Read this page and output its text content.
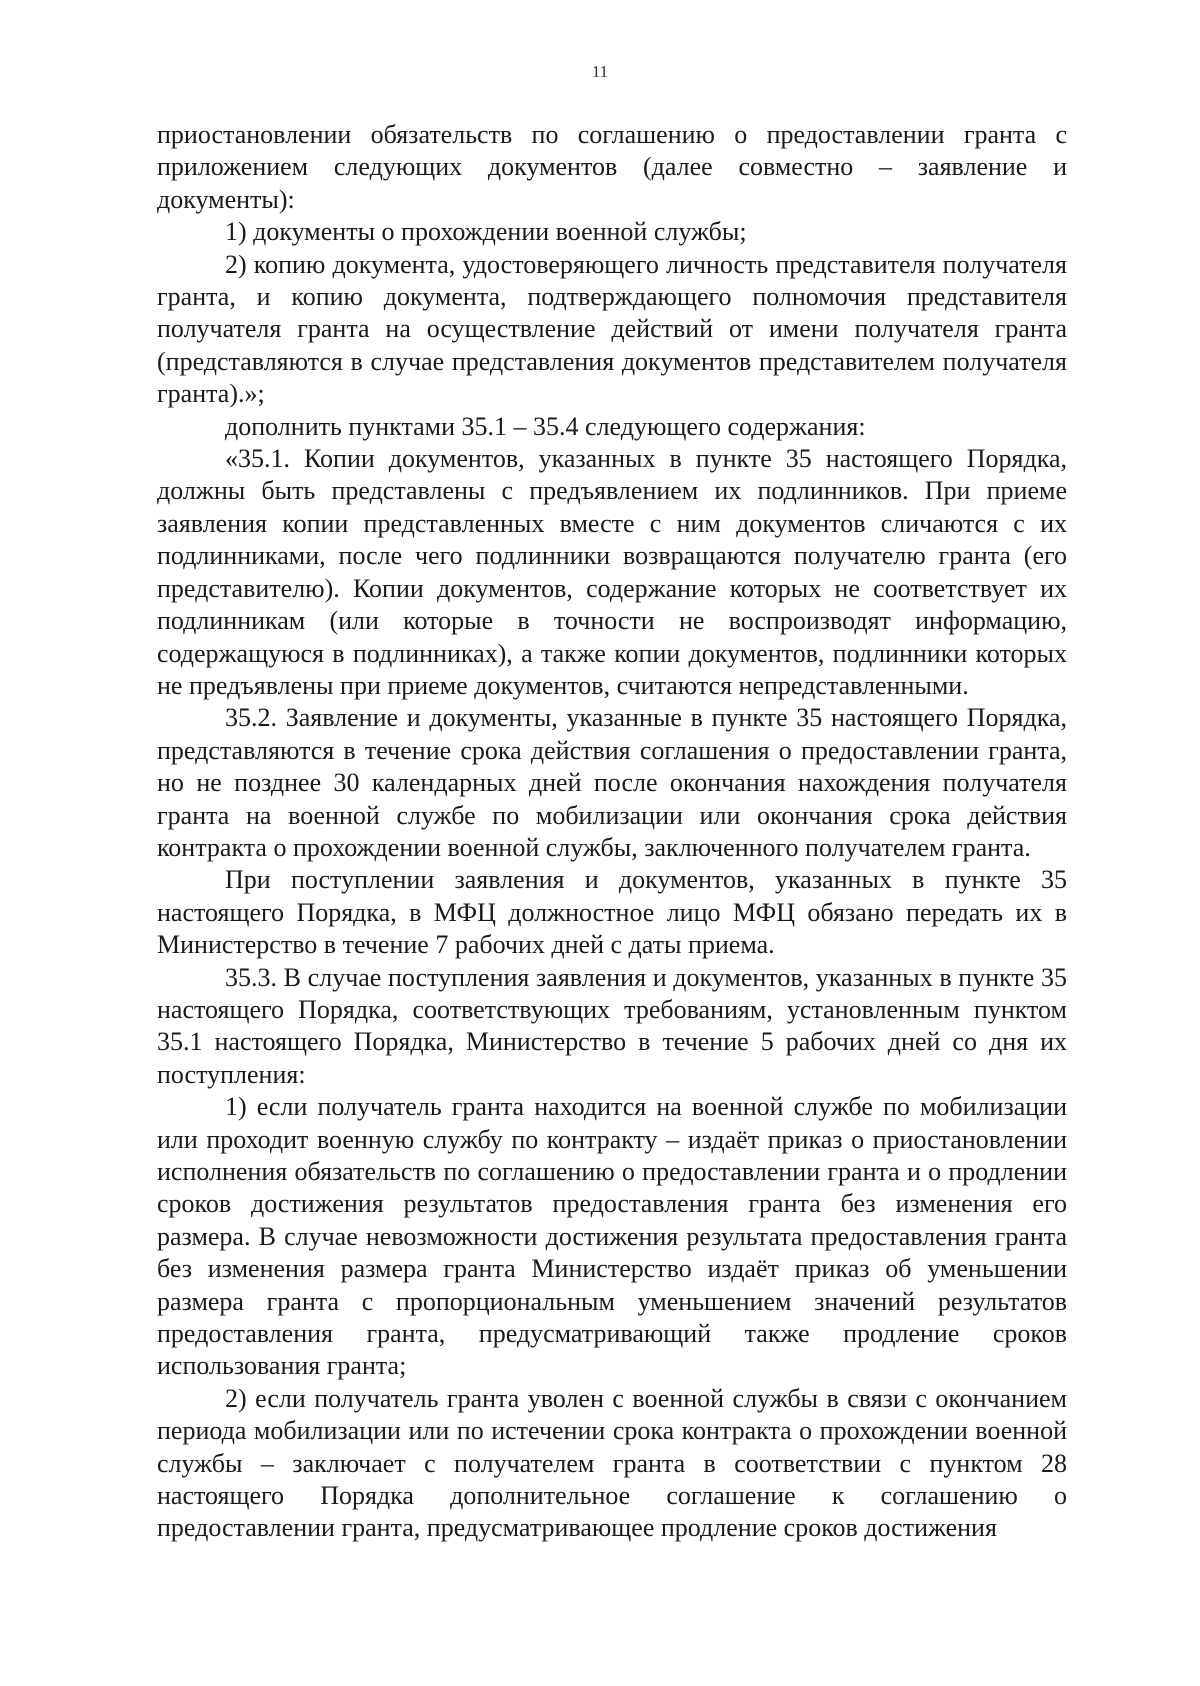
11

приостановлении обязательств по соглашению о предоставлении гранта с приложением следующих документов (далее совместно – заявление и документы):

1) документы о прохождении военной службы;

2) копию документа, удостоверяющего личность представителя получателя гранта, и копию документа, подтверждающего полномочия представителя получателя гранта на осуществление действий от имени получателя гранта (представляются в случае представления документов представителем получателя гранта).»;

дополнить пунктами 35.1 – 35.4 следующего содержания:

«35.1. Копии документов, указанных в пункте 35 настоящего Порядка, должны быть представлены с предъявлением их подлинников. При приеме заявления копии представленных вместе с ним документов сличаются с их подлинниками, после чего подлинники возвращаются получателю гранта (его представителю). Копии документов, содержание которых не соответствует их подлинникам (или которые в точности не воспроизводят информацию, содержащуюся в подлинниках), а также копии документов, подлинники которых не предъявлены при приеме документов, считаются непредставленными.

35.2. Заявление и документы, указанные в пункте 35 настоящего Порядка, представляются в течение срока действия соглашения о предоставлении гранта, но не позднее 30 календарных дней после окончания нахождения получателя гранта на военной службе по мобилизации или окончания срока действия контракта о прохождении военной службы, заключенного получателем гранта.

При поступлении заявления и документов, указанных в пункте 35 настоящего Порядка, в МФЦ должностное лицо МФЦ обязано передать их в Министерство в течение 7 рабочих дней с даты приема.

35.3. В случае поступления заявления и документов, указанных в пункте 35 настоящего Порядка, соответствующих требованиям, установленным пунктом 35.1 настоящего Порядка, Министерство в течение 5 рабочих дней со дня их поступления:

1) если получатель гранта находится на военной службе по мобилизации или проходит военную службу по контракту – издаёт приказ о приостановлении исполнения обязательств по соглашению о предоставлении гранта и о продлении сроков достижения результатов предоставления гранта без изменения его размера. В случае невозможности достижения результата предоставления гранта без изменения размера гранта Министерство издаёт приказ об уменьшении размера гранта с пропорциональным уменьшением значений результатов предоставления гранта, предусматривающий также продление сроков использования гранта;

2) если получатель гранта уволен с военной службы в связи с окончанием периода мобилизации или по истечении срока контракта о прохождении военной службы – заключает с получателем гранта в соответствии с пунктом 28 настоящего Порядка дополнительное соглашение к соглашению о предоставлении гранта, предусматривающее продление сроков достижения
